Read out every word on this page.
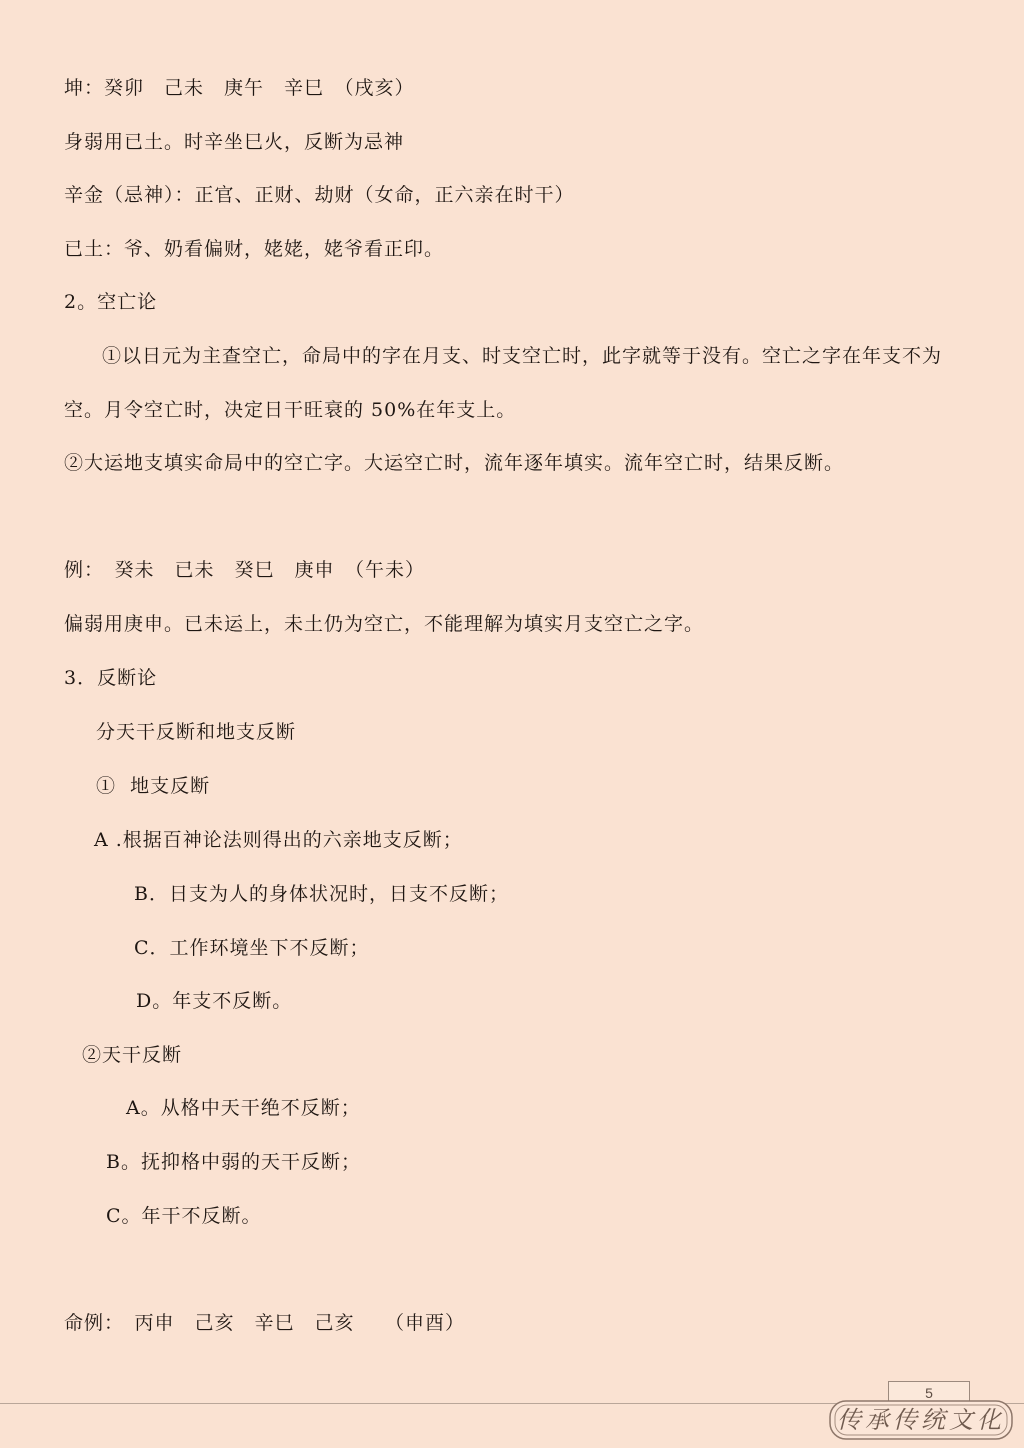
坤：癸卯　己未　庚午　辛巳　（戌亥）
身弱用已土。时辛坐巳火，反断为忌神
辛金（忌神）：正官、正财、劫财（女命，正六亲在时干）
已土：爷、奶看偏财，姥姥，姥爷看正印。
2。空亡论
①以日元为主查空亡，命局中的字在月支、时支空亡时，此字就等于没有。空亡之字在年支不为
空。月令空亡时，决定日干旺衰的 50%在年支上。
②大运地支填实命局中的空亡字。大运空亡时，流年逐年填实。流年空亡时，结果反断。
例：　癸未　已未　癸巳　庚申　（午未）
偏弱用庚申。已未运上，未土仍为空亡，不能理解为填实月支空亡之字。
3．反断论
分天干反断和地支反断
①  地支反断
A .根据百神论法则得出的六亲地支反断；
B．日支为人的身体状况时，日支不反断；
C．工作环境坐下不反断；
D。年支不反断。
②天干反断
A。从格中天干绝不反断；
B。抚抑格中弱的天干反断；
C。年干不反断。
命例：　丙申　己亥　辛巳　己亥　　（申酉）
5
传承传统文化
